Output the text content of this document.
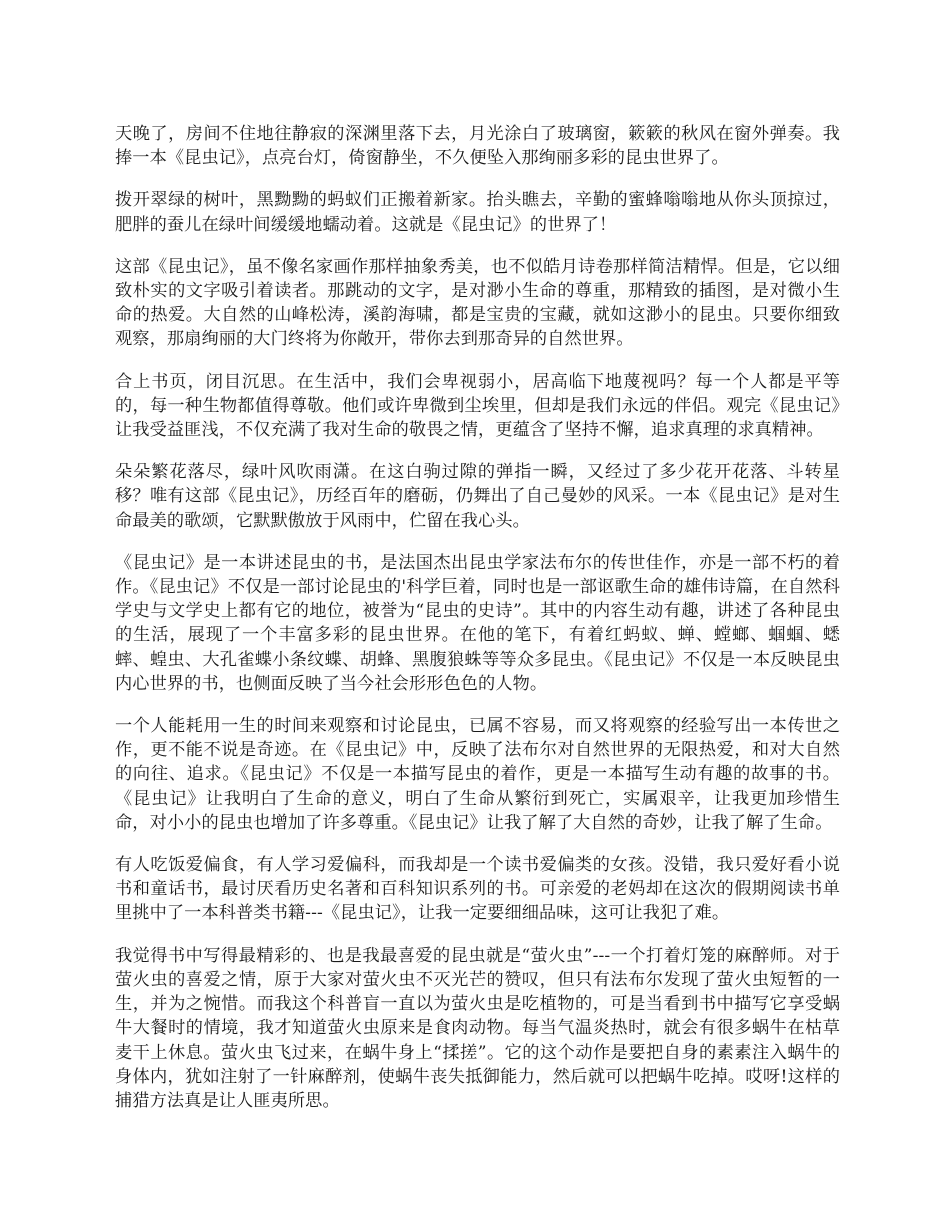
天晚了，房间不住地往静寂的深渊里落下去，月光涂白了玻璃窗，簌簌的秋风在窗外弹奏。我捧一本《昆虫记》，点亮台灯，倚窗静坐，不久便坠入那绚丽多彩的昆虫世界了。

拨开翠绿的树叶，黑黝黝的蚂蚁们正搬着新家。抬头瞧去，辛勤的蜜蜂嗡嗡地从你头顶掠过，肥胖的蚕儿在绿叶间缓缓地蠕动着。这就是《昆虫记》的世界了！

这部《昆虫记》，虽不像名家画作那样抽象秀美，也不似皓月诗卷那样简洁精悍。但是，它以细致朴实的文字吸引着读者。那跳动的文字，是对渺小生命的尊重，那精致的插图，是对微小生命的热爱。大自然的山峰松涛，溪韵海啸，都是宝贵的宝藏，就如这渺小的昆虫。只要你细致观察，那扇绚丽的大门终将为你敞开，带你去到那奇异的自然世界。

合上书页，闭目沉思。在生活中，我们会卑视弱小，居高临下地蔑视吗？每一个人都是平等的，每一种生物都值得尊敬。他们或许卑微到尘埃里，但却是我们永远的伴侣。观完《昆虫记》让我受益匪浅，不仅充满了我对生命的敬畏之情，更蕴含了坚持不懈，追求真理的求真精神。

朵朵繁花落尽，绿叶风吹雨潇。在这白驹过隙的弹指一瞬，又经过了多少花开花落、斗转星移？唯有这部《昆虫记》，历经百年的磨砺，仍舞出了自己曼妙的风采。一本《昆虫记》是对生命最美的歌颂，它默默傲放于风雨中，伫留在我心头。

《昆虫记》是一本讲述昆虫的书，是法国杰出昆虫学家法布尔的传世佳作，亦是一部不朽的着作。《昆虫记》不仅是一部讨论昆虫的'科学巨着，同时也是一部讴歌生命的雄伟诗篇，在自然科学史与文学史上都有它的地位，被誉为“昆虫的史诗”。其中的内容生动有趣，讲述了各种昆虫的生活，展现了一个丰富多彩的昆虫世界。在他的笔下，有着红蚂蚁、蝉、螳螂、蝈蝈、蟋蟀、蝗虫、大孔雀蝶小条纹蝶、胡蜂、黑腹狼蛛等等众多昆虫。《昆虫记》不仅是一本反映昆虫内心世界的书，也侧面反映了当今社会形形色色的人物。

一个人能耗用一生的时间来观察和讨论昆虫，已属不容易，而又将观察的经验写出一本传世之作，更不能不说是奇迹。在《昆虫记》中，反映了法布尔对自然世界的无限热爱，和对大自然的向往、追求。《昆虫记》不仅是一本描写昆虫的着作，更是一本描写生动有趣的故事的书。《昆虫记》让我明白了生命的意义，明白了生命从繁衍到死亡，实属艰辛，让我更加珍惜生命，对小小的昆虫也增加了许多尊重。《昆虫记》让我了解了大自然的奇妙，让我了解了生命。

有人吃饭爱偏食，有人学习爱偏科，而我却是一个读书爱偏类的女孩。没错，我只爱好看小说书和童话书，最讨厌看历史名著和百科知识系列的书。可亲爱的老妈却在这次的假期阅读书单里挑中了一本科普类书籍---《昆虫记》，让我一定要细细品味，这可让我犯了难。

我觉得书中写得最精彩的、也是我最喜爱的昆虫就是“萤火虫”---一个打着灯笼的麻醉师。对于萤火虫的喜爱之情，原于大家对萤火虫不灭光芒的赞叹，但只有法布尔发现了萤火虫短暂的一生，并为之惋惜。而我这个科普盲一直以为萤火虫是吃植物的，可是当看到书中描写它享受蜗牛大餐时的情境，我才知道萤火虫原来是食肉动物。每当气温炎热时，就会有很多蜗牛在枯草麦干上休息。萤火虫飞过来，在蜗牛身上“揉搓”。它的这个动作是要把自身的素素注入蜗牛的身体内，犹如注射了一针麻醉剂，使蜗牛丧失抵御能力，然后就可以把蜗牛吃掉。哎呀!这样的捕猎方法真是让人匪夷所思。
